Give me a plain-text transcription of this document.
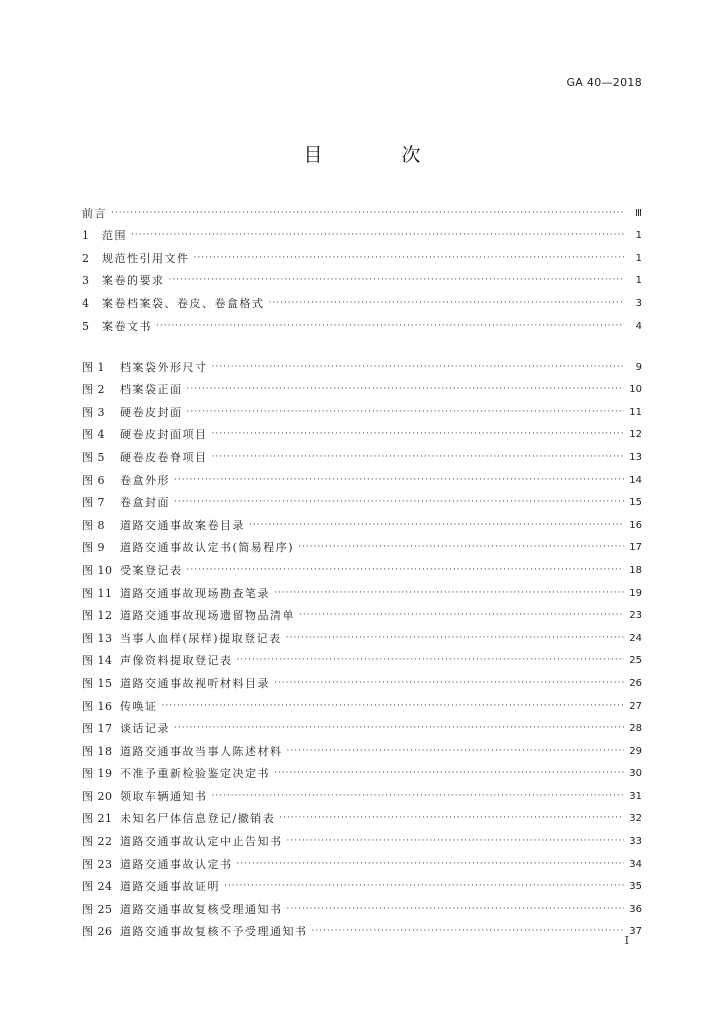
GA 40—2018
目　次
前言 ·····	Ⅲ
1	范围 ·····	1
2	规范性引用文件 ·····	1
3	案卷的要求 ·····	1
4	案卷档案袋、卷皮、卷盒格式 ·····	3
5	案卷文书 ·····	4
图 1	档案袋外形尺寸 ·····	9
图 2	档案袋正面 ·····	10
图 3	硬卷皮封面 ·····	11
图 4	硬卷皮封面项目 ·····	12
图 5	硬卷皮卷脊项目 ·····	13
图 6	卷盒外形 ·····	14
图 7	卷盒封面 ·····	15
图 8	道路交通事故案卷目录 ·····	16
图 9	道路交通事故认定书(简易程序) ·····	17
图 10 受案登记表 ·····	18
图 11 道路交通事故现场勘查笔录 ·····	19
图 12 道路交通事故现场遗留物品清单 ·····	23
图 13 当事人血样(尿样)提取登记表 ·····	24
图 14 声像资料提取登记表 ·····	25
图 15 道路交通事故视听材料目录 ·····	26
图 16 传唤证 ·····	27
图 17 谈话记录 ·····	28
图 18 道路交通事故当事人陈述材料 ·····	29
图 19 不准予重新检验鉴定决定书 ·····	30
图 20 领取车辆通知书 ·····	31
图 21 未知名尸体信息登记/撤销表 ·····	32
图 22 道路交通事故认定中止告知书 ·····	33
图 23 道路交通事故认定书 ·····	34
图 24 道路交通事故证明 ·····	35
图 25 道路交通事故复核受理通知书 ·····	36
图 26 道路交通事故复核不予受理通知书 ·····	37
I
